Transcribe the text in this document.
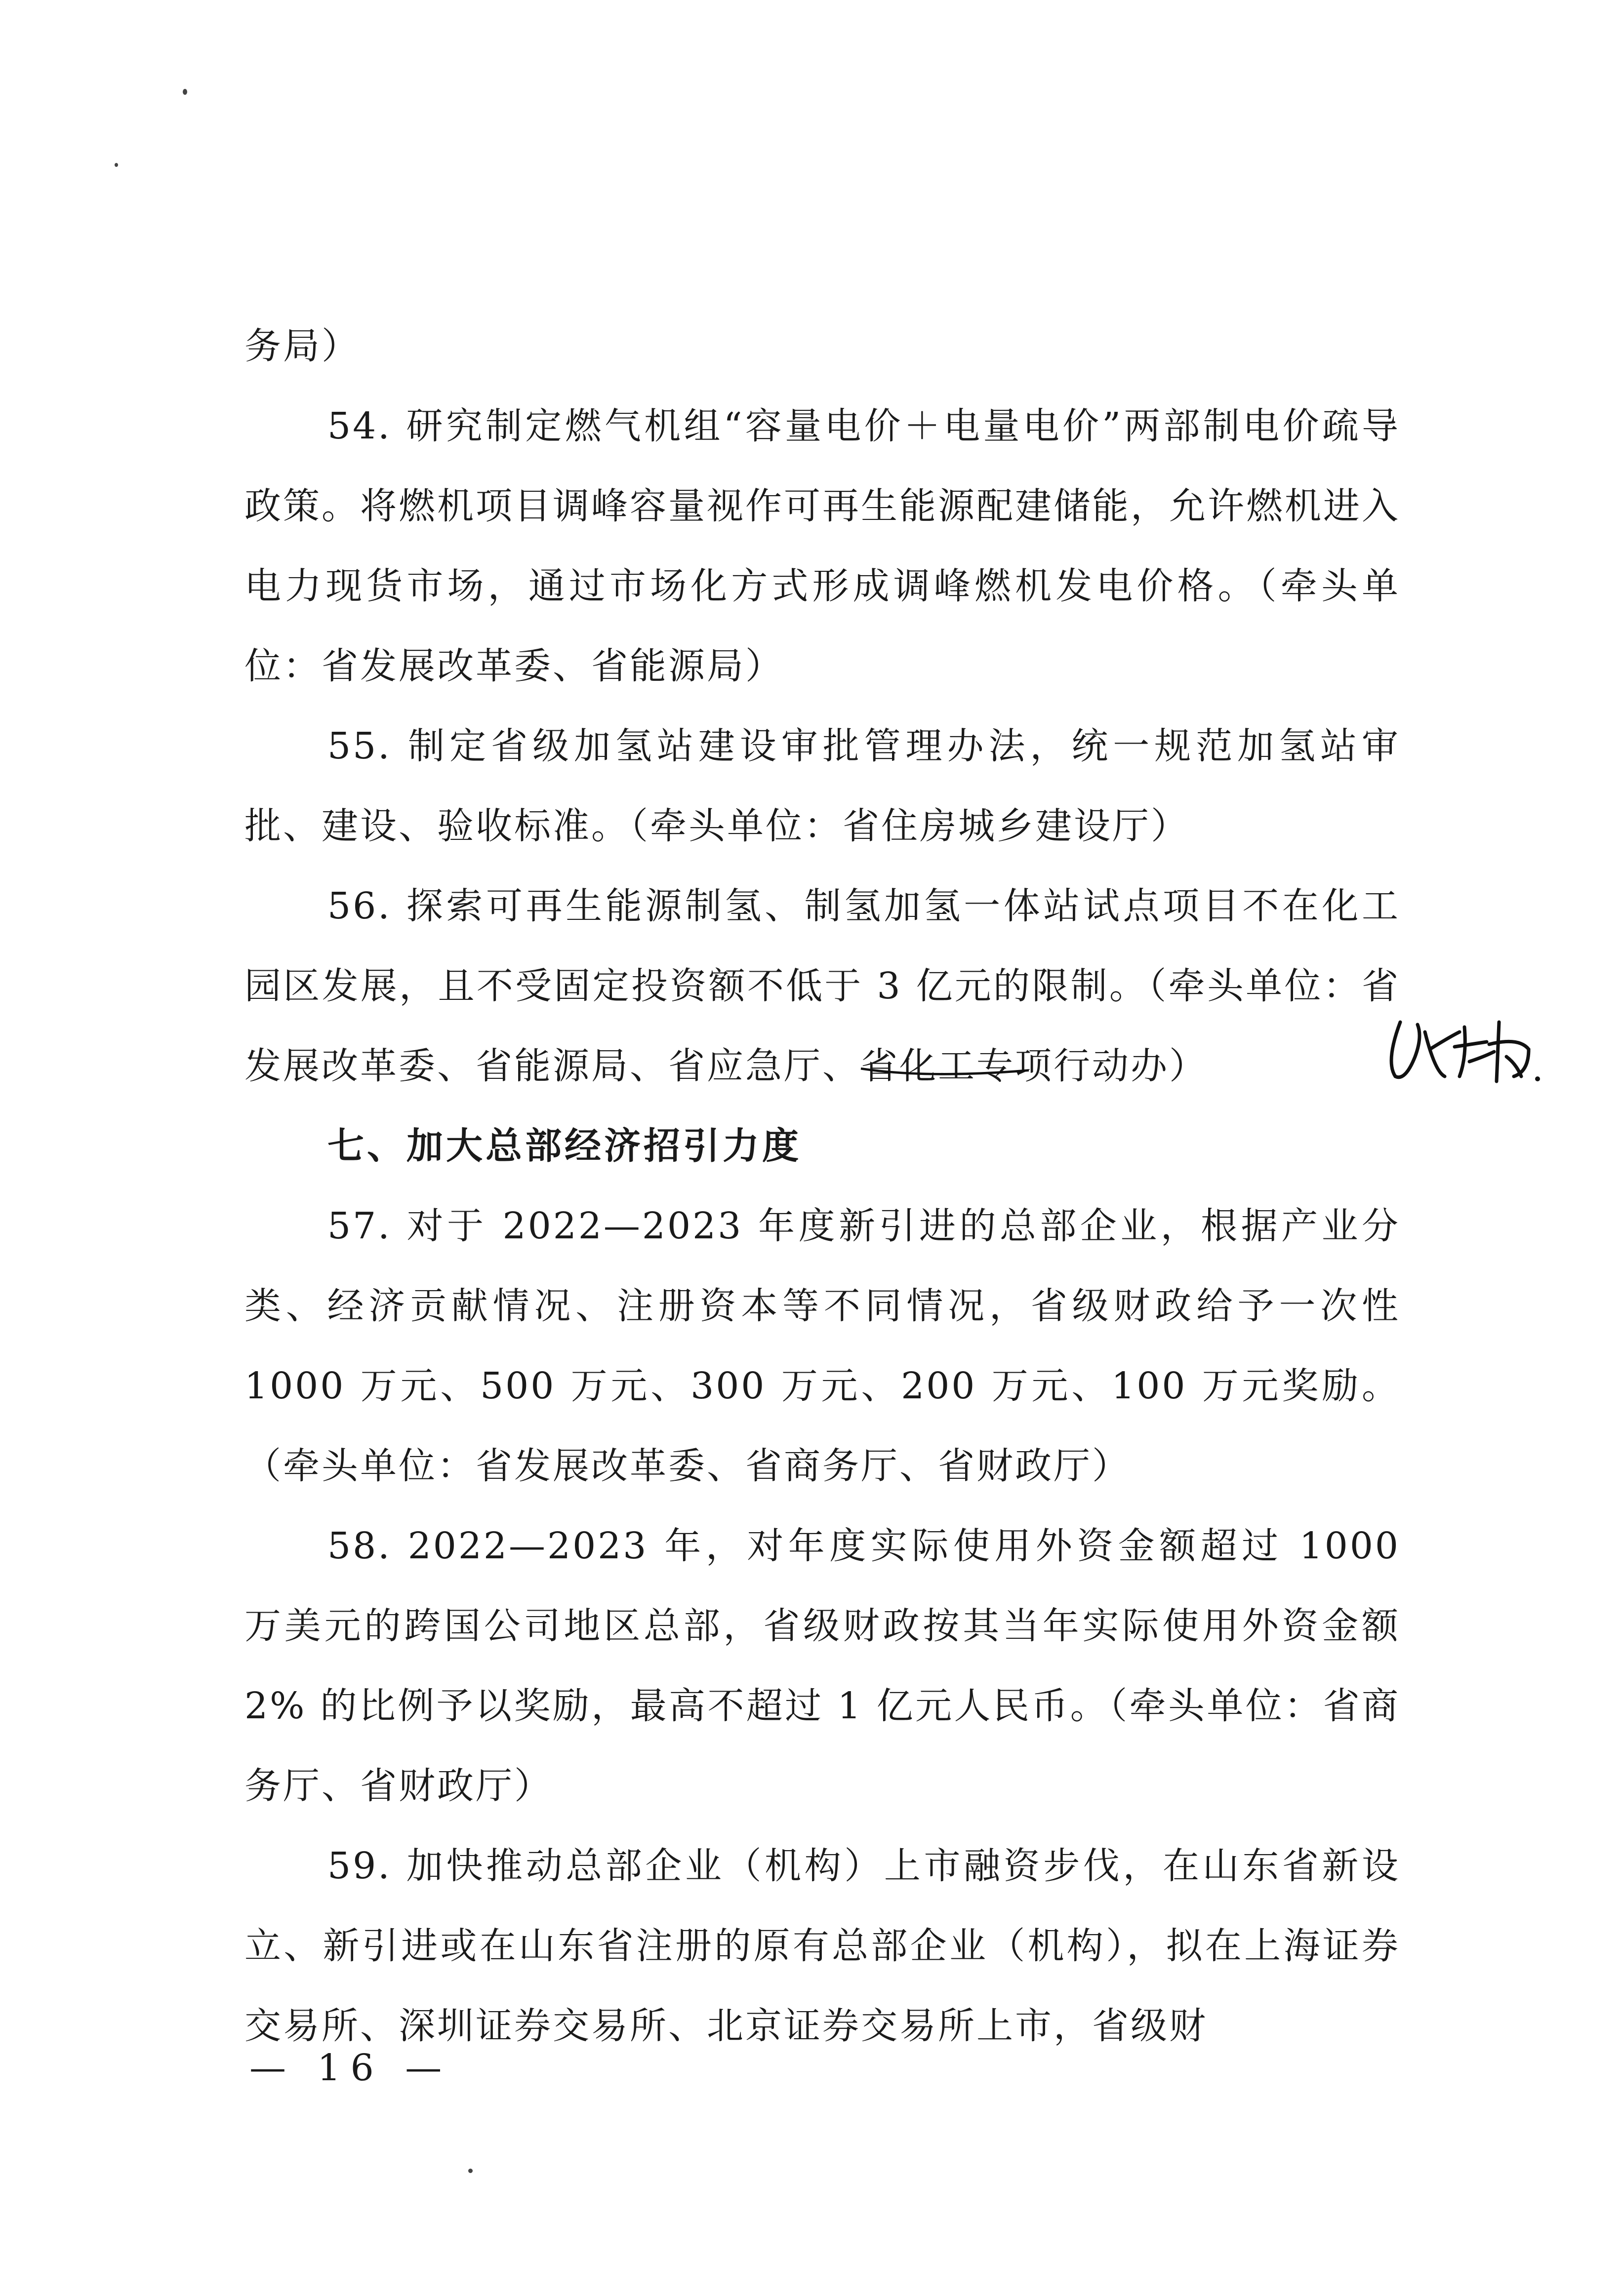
务局）

54. 研究制定燃气机组“容量电价＋电量电价”两部制电价疏导政策。将燃机项目调峰容量视作可再生能源配建储能，允许燃机进入电力现货市场，通过市场化方式形成调峰燃机发电价格。（牵头单位：省发展改革委、省能源局）

55. 制定省级加氢站建设审批管理办法，统一规范加氢站审批、建设、验收标准。（牵头单位：省住房城乡建设厅）

56. 探索可再生能源制氢、制氢加氢一体站试点项目不在化工园区发展，且不受固定投资额不低于 3 亿元的限制。（牵头单位：省发展改革委、省能源局、省应急厅、省化工专项行动办
）

七、加大总部经济招引力度

57. 对于 2022—2023 年度新引进的总部企业，根据产业分类、经济贡献情况、注册资本等不同情况，省级财政给予一次性 1000 万元、500 万元、300 万元、200 万元、100 万元奖励。（牵头单位：省发展改革委、省商务厅、省财政厅）

58. 2022—2023 年，对年度实际使用外资金额超过 1000 万美元的跨国公司地区总部，省级财政按其当年实际使用外资金额 2% 的比例予以奖励，最高不超过 1 亿元人民币。（牵头单位：省商务厅、省财政厅）

59. 加快推动总部企业（机构）上市融资步伐，在山东省新设立、新引进或在山东省注册的原有总部企业（机构），拟在上海证券交易所、深圳证券交易所、北京证券交易所上市，省级财

— 16 —
